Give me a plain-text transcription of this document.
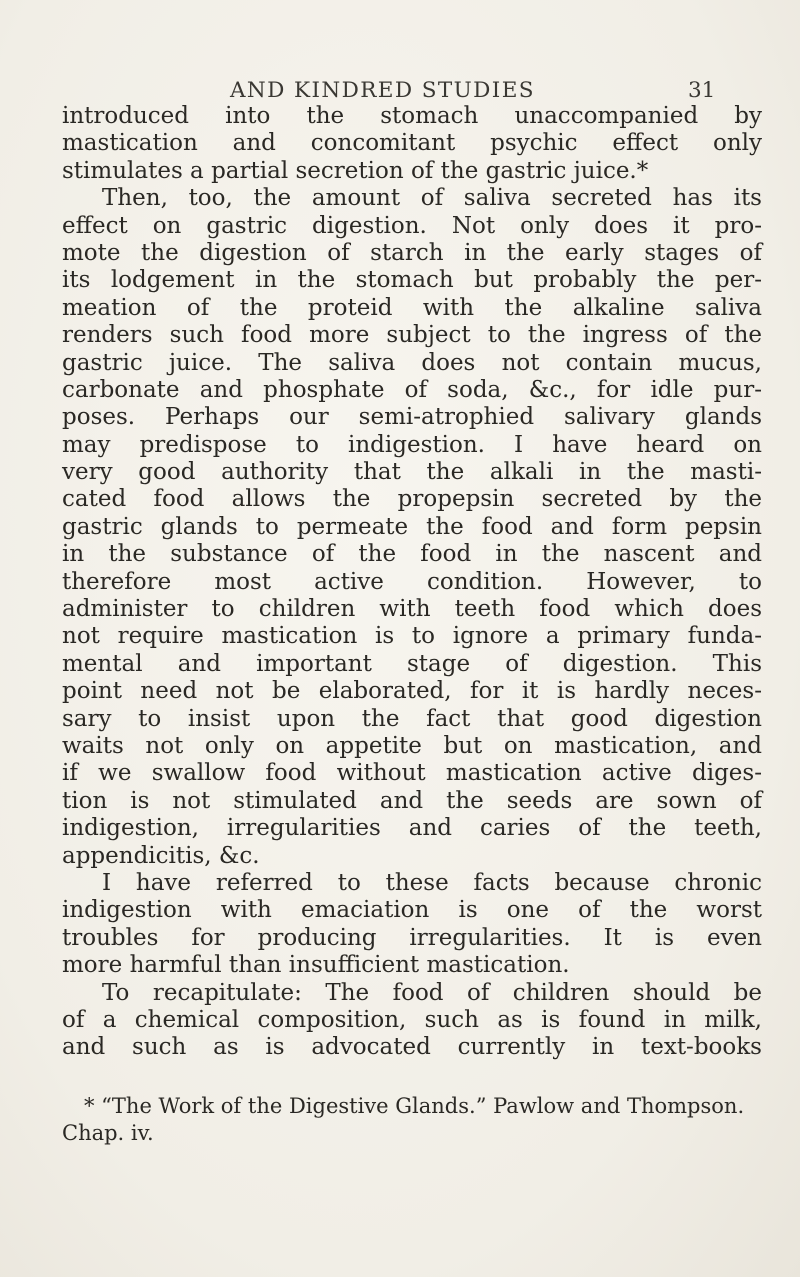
AND KINDRED STUDIES	31
introduced into the stomach unaccompanied by
mastication and concomitant psychic effect only
stimulates a partial secretion of the gastric juice.*
Then, too, the amount of saliva secreted has its
effect on gastric digestion. Not only does it pro-
mote the digestion of starch in the early stages of
its lodgement in the stomach but probably the per-
meation of the proteid with the alkaline saliva
renders such food more subject to the ingress of the
gastric juice. The saliva does not contain mucus,
carbonate and phosphate of soda, &c., for idle pur-
poses. Perhaps our semi-atrophied salivary glands
may predispose to indigestion. I have heard on
very good authority that the alkali in the masti-
cated food allows the propepsin secreted by the
gastric glands to permeate the food and form pepsin
in the substance of the food in the nascent and
therefore most active condition. However, to
administer to children with teeth food which does
not require mastication is to ignore a primary funda-
mental and important stage of digestion. This
point need not be elaborated, for it is hardly neces-
sary to insist upon the fact that good digestion
waits not only on appetite but on mastication, and
if we swallow food without mastication active diges-
tion is not stimulated and the seeds are sown of
indigestion, irregularities and caries of the teeth,
appendicitis, &c.
I have referred to these facts because chronic
indigestion with emaciation is one of the worst
troubles for producing irregularities. It is even
more harmful than insufficient mastication.
To recapitulate: The food of children should be
of a chemical composition, such as is found in milk,
and such as is advocated currently in text-books
* “The Work of the Digestive Glands.” Pawlow and Thompson.
Chap. iv.
